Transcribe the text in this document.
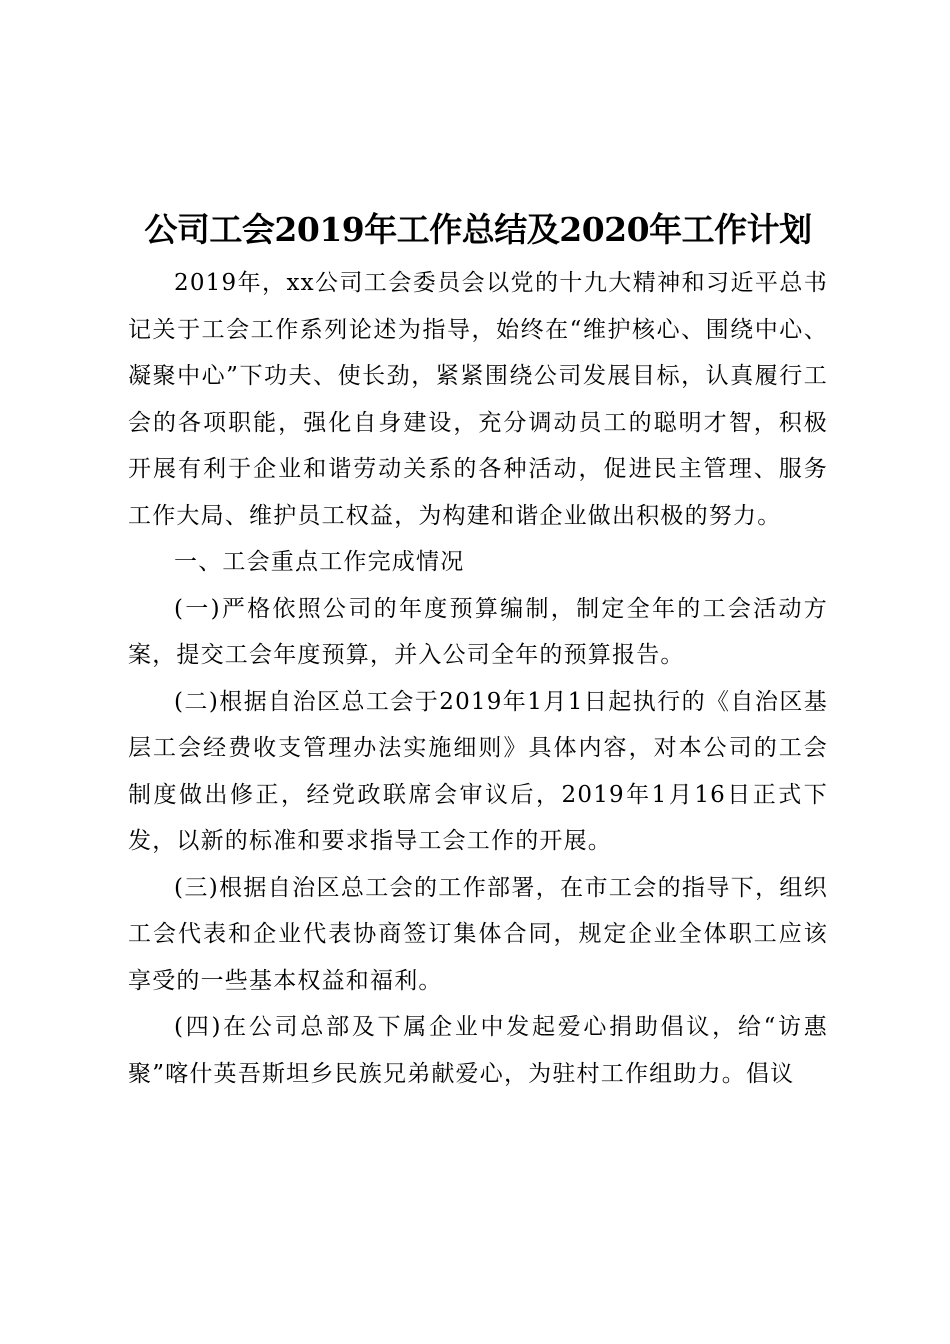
公司工会2019年工作总结及2020年工作计划

2019年，xx公司工会委员会以党的十九大精神和习近平总书记关于工会工作系列论述为指导，始终在“维护核心、围绕中心、凝聚中心”下功夫、使长劲，紧紧围绕公司发展目标，认真履行工会的各项职能，强化自身建设，充分调动员工的聪明才智，积极开展有利于企业和谐劳动关系的各种活动，促进民主管理、服务工作大局、维护员工权益，为构建和谐企业做出积极的努力。

一、工会重点工作完成情况

(一)严格依照公司的年度预算编制，制定全年的工会活动方案，提交工会年度预算，并入公司全年的预算报告。

(二)根据自治区总工会于2019年1月1日起执行的《自治区基层工会经费收支管理办法实施细则》具体内容，对本公司的工会制度做出修正，经党政联席会审议后，2019年1月16日正式下发，以新的标准和要求指导工会工作的开展。

(三)根据自治区总工会的工作部署，在市工会的指导下，组织工会代表和企业代表协商签订集体合同，规定企业全体职工应该享受的一些基本权益和福利。

(四)在公司总部及下属企业中发起爱心捐助倡议，给“访惠聚”喀什英吾斯坦乡民族兄弟献爱心，为驻村工作组助力。倡议
